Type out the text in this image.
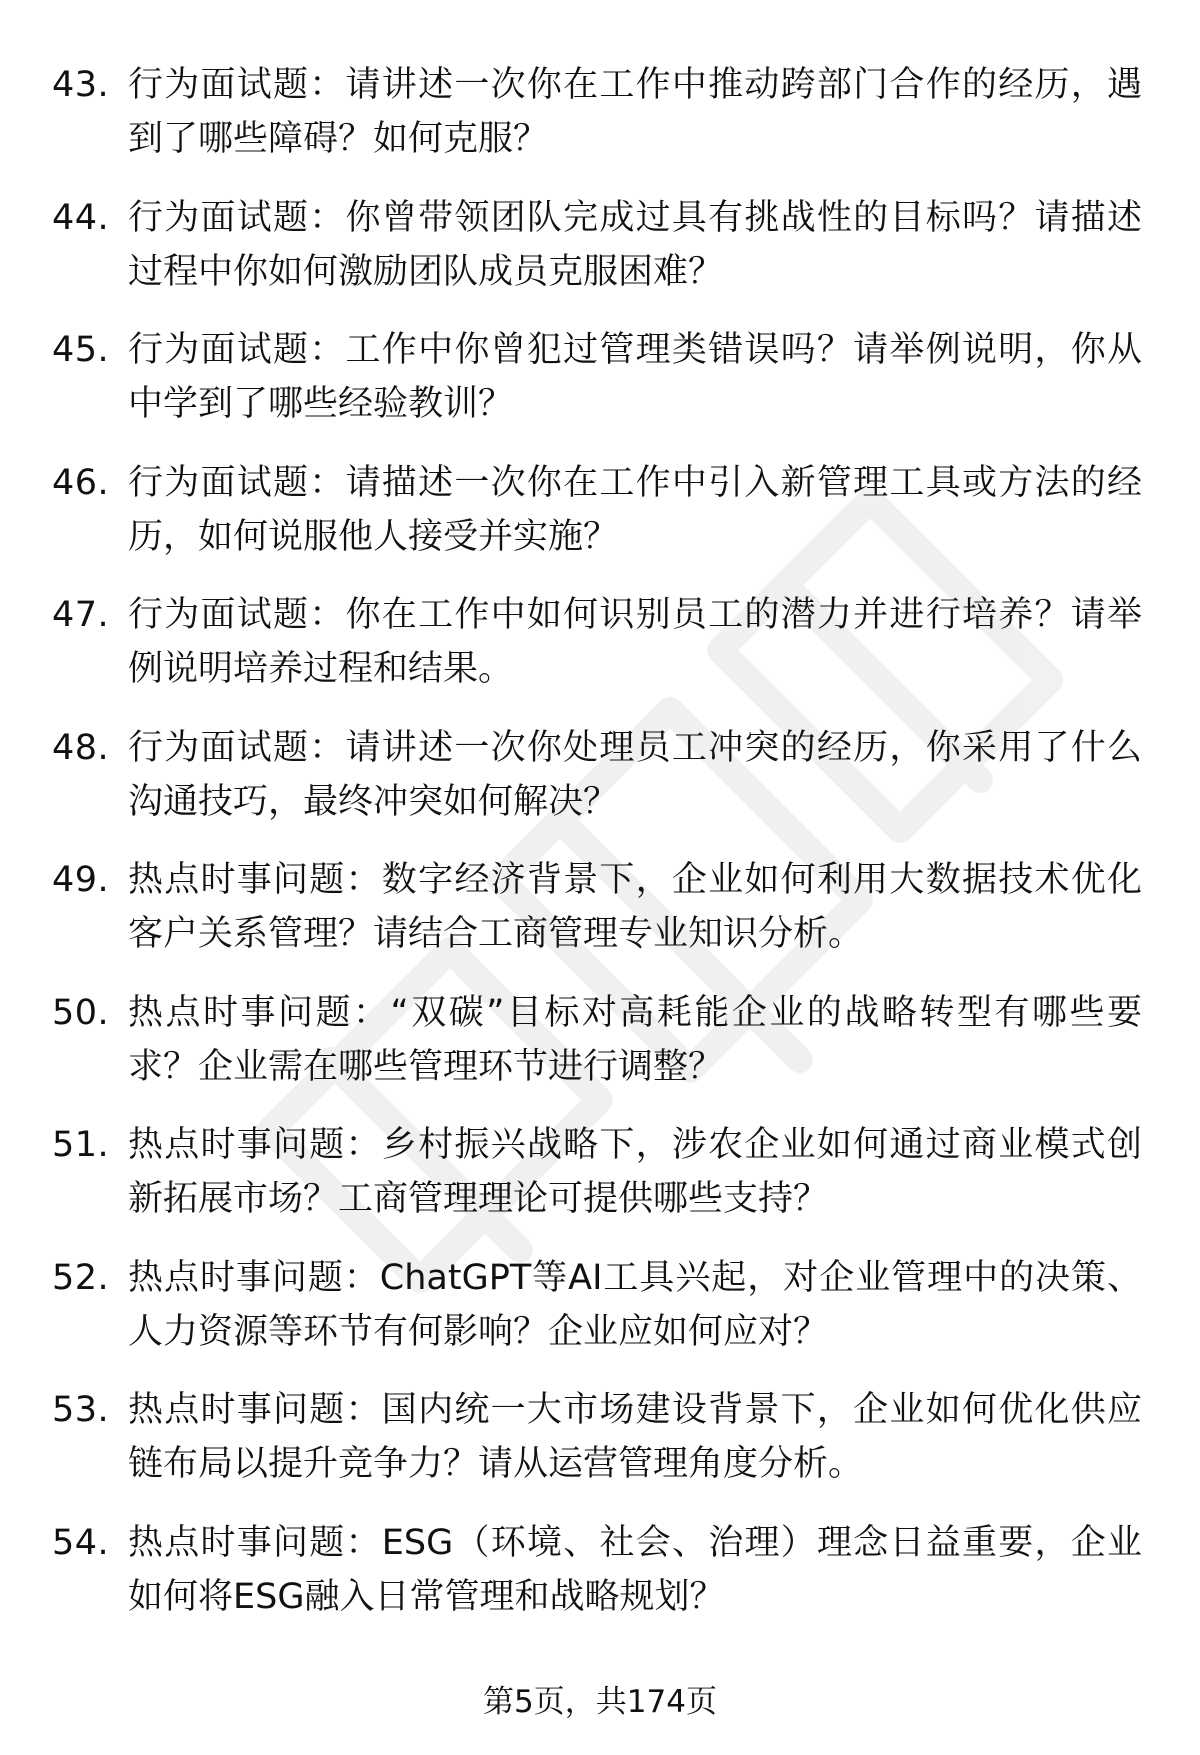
43. 行为面试题：请讲述一次你在工作中推动跨部门合作的经历，遇到了哪些障碍？如何克服？
44. 行为面试题：你曾带领团队完成过具有挑战性的目标吗？请描述过程中你如何激励团队成员克服困难？
45. 行为面试题：工作中你曾犯过管理类错误吗？请举例说明，你从中学到了哪些经验教训？
46. 行为面试题：请描述一次你在工作中引入新管理工具或方法的经历，如何说服他人接受并实施？
47. 行为面试题：你在工作中如何识别员工的潜力并进行培养？请举例说明培养过程和结果。
48. 行为面试题：请讲述一次你处理员工冲突的经历，你采用了什么沟通技巧，最终冲突如何解决？
49. 热点时事问题：数字经济背景下，企业如何利用大数据技术优化客户关系管理？请结合工商管理专业知识分析。
50. 热点时事问题：“双碳”目标对高耗能企业的战略转型有哪些要求？企业需在哪些管理环节进行调整？
51. 热点时事问题：乡村振兴战略下，涉农企业如何通过商业模式创新拓展市场？工商管理理论可提供哪些支持？
52. 热点时事问题：ChatGPT等AI工具兴起，对企业管理中的决策、人力资源等环节有何影响？企业应如何应对？
53. 热点时事问题：国内统一大市场建设背景下，企业如何优化供应链布局以提升竞争力？请从运营管理角度分析。
54. 热点时事问题：ESG（环境、社会、治理）理念日益重要，企业如何将ESG融入日常管理和战略规划？
第5页，共174页
